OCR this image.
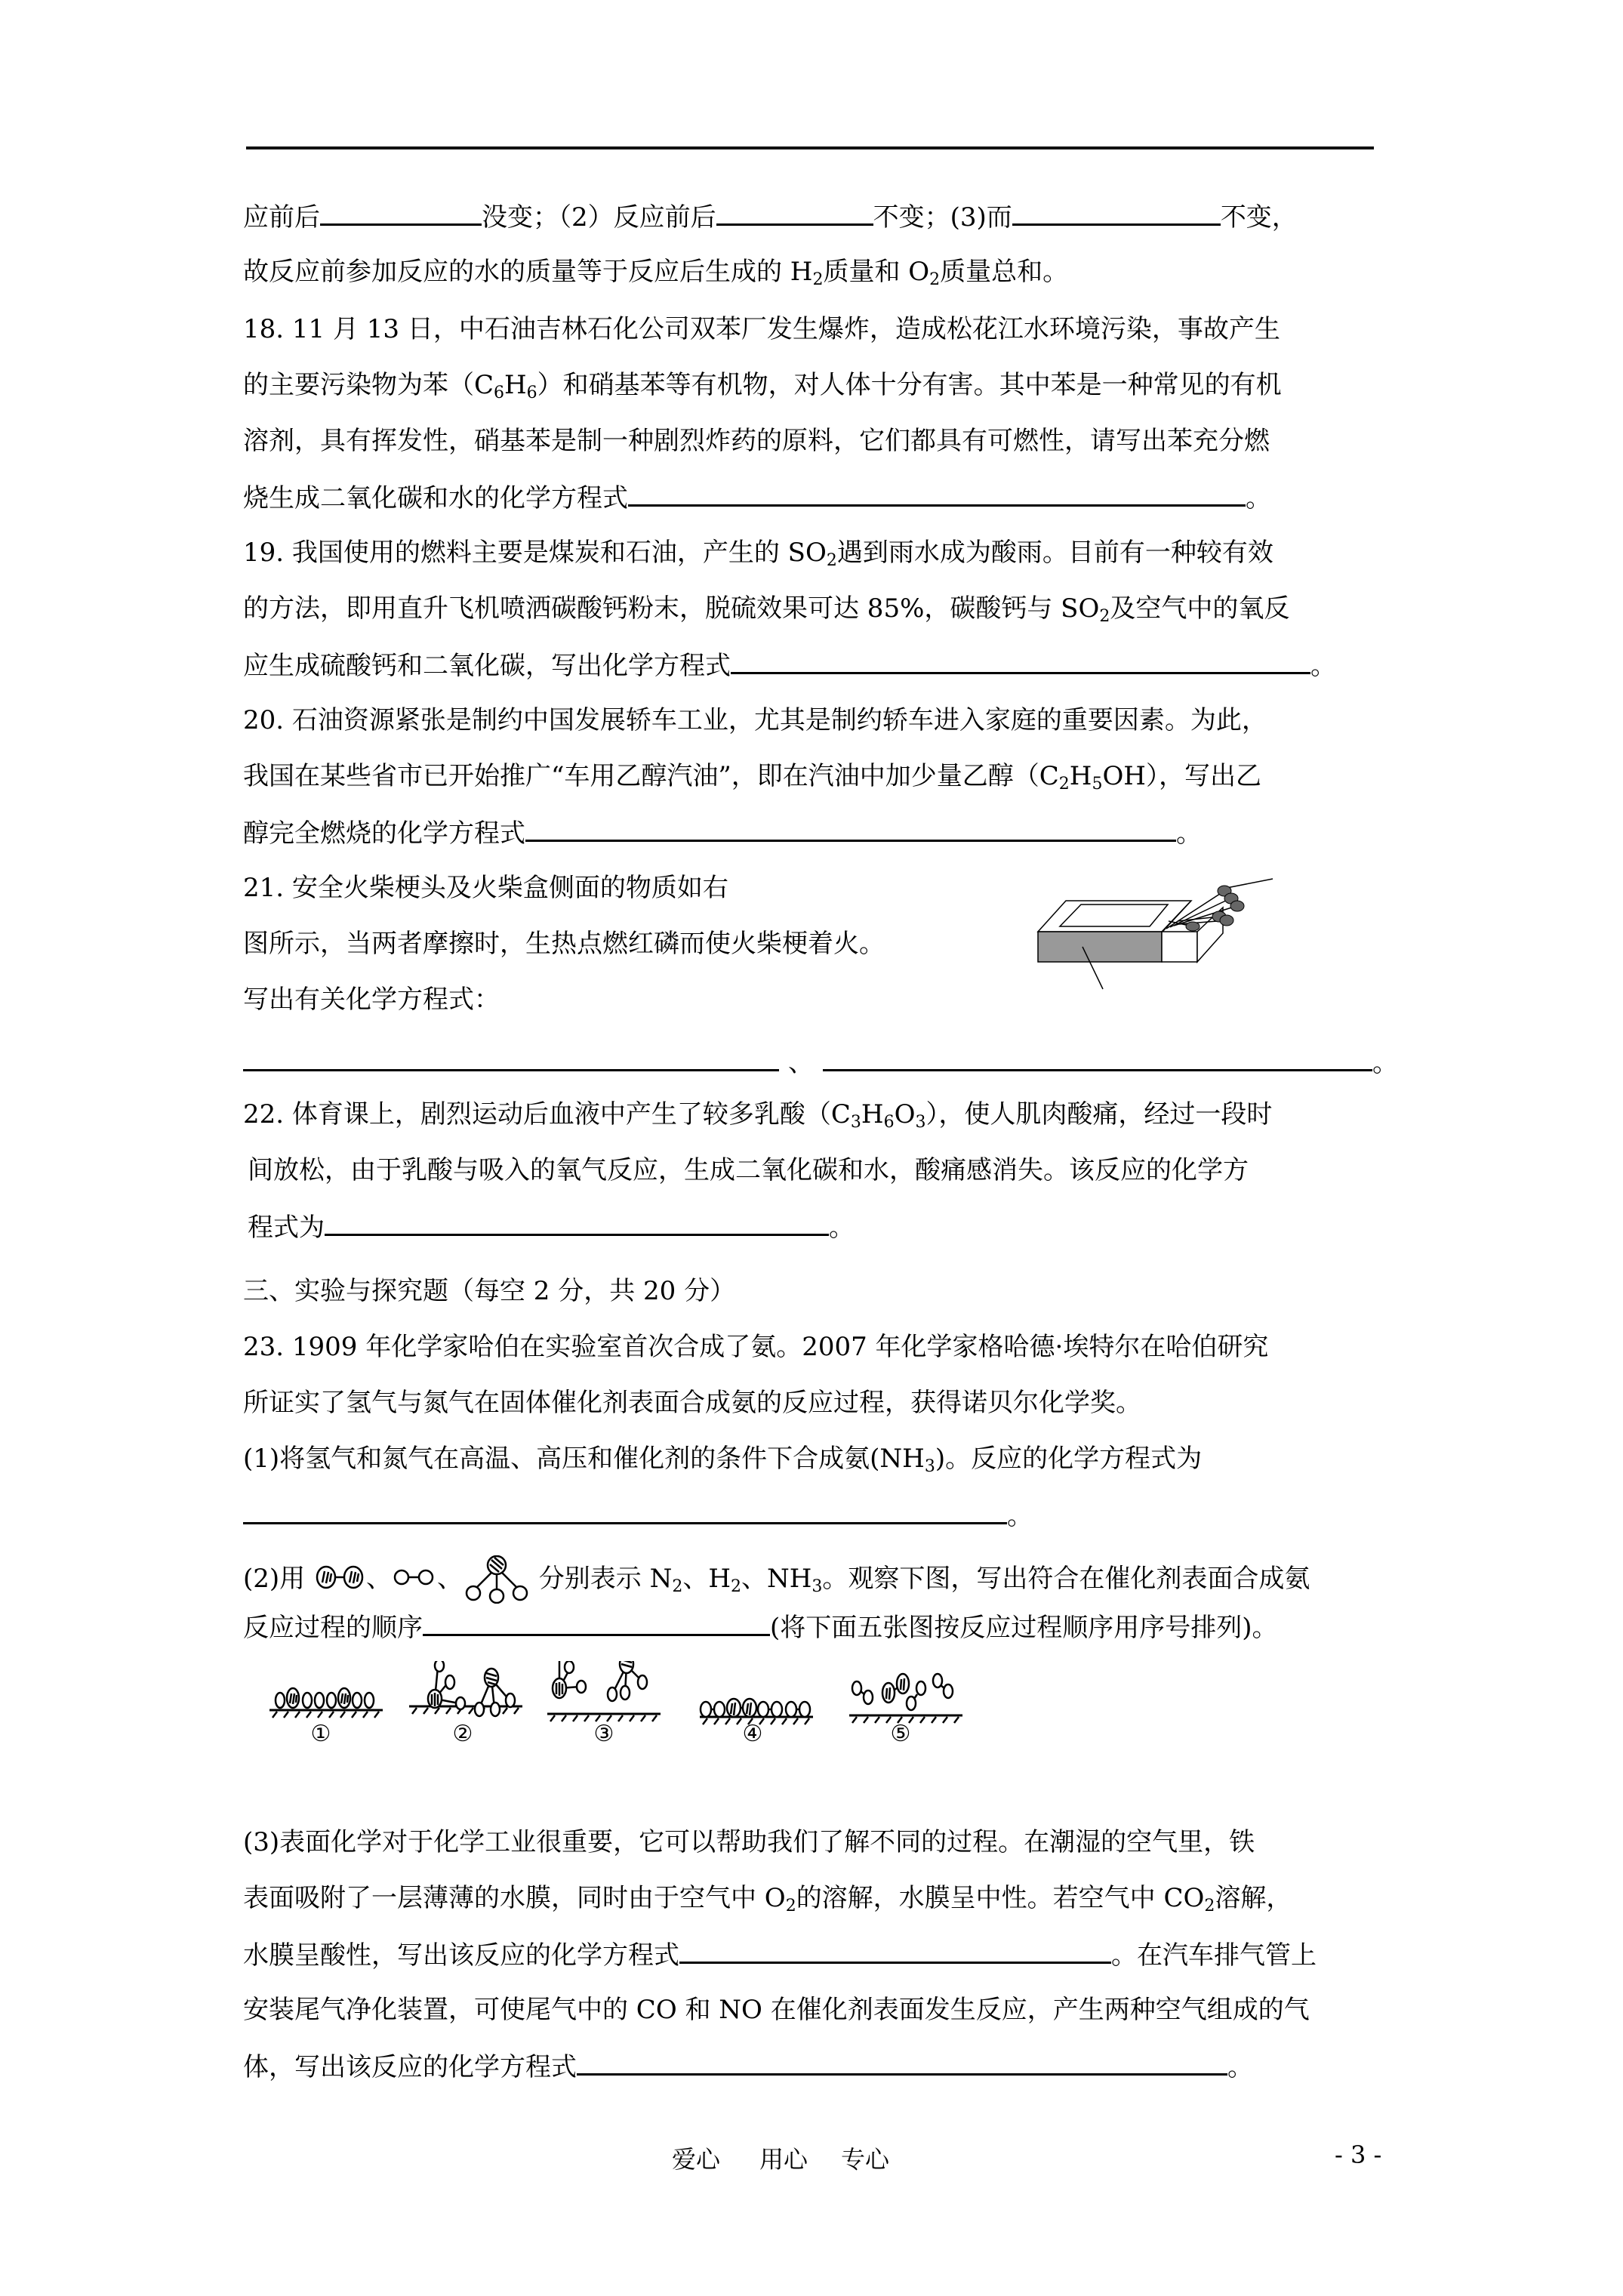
应前后	没变；（2）反应前后	不变；(3)而	不变，
故反应前参加反应的水的质量等于反应后生成的 $H_2$质量和 $O_2$质量总和。
18. 11 月 13 日，中石油吉林石化公司双苯厂发生爆炸，造成松花江水环境污染，事故产生
的主要污染物为苯$(C_6H_6)$和硝基苯等有机物，对人体十分有害。其中苯是一种常见的有机
溶剂，具有挥发性，硝基苯是制一种剧烈炸药的原料，它们都具有可燃性，请写出苯充分燃
烧生成二氧化碳和水的化学方程式	。
19. 我国使用的燃料主要是煤炭和石油，产生的 $SO_2$遇到雨水成为酸雨。目前有一种较有效
的方法，即用直升飞机喷洒碳酸钙粉末，脱硫效果可达 85%，碳酸钙与 $SO_2$及空气中的氧反
应生成硫酸钙和二氧化碳，写出化学方程式	。
20. 石油资源紧张是制约中国发展轿车工业，尤其是制约轿车进入家庭的重要因素。为此，
我国在某些省市已开始推广“车用乙醇汽油”，即在汽油中加少量乙醇$(C_2H_5OH)$，写出乙
醇完全燃烧的化学方程式	。
21. 安全火柴梗头及火柴盒侧面的物质如右
图所示，当两者摩擦时，生热点燃红磷而使火柴梗着火。
写出有关化学方程式：
、	。
22. 体育课上，剧烈运动后血液中产生了较多乳酸$(C_3H_6O_3)$，使人肌肉酸痛，经过一段时
间放松，由于乳酸与吸入的氧气反应，生成二氧化碳和水，酸痛感消失。该反应的化学方
程式为	。
三、实验与探究题（每空 2 分，共 20 分）
23. 1909 年化学家哈伯在实验室首次合成了氨。2007 年化学家格哈德·埃特尔在哈伯研究
所证实了氢气与氮气在固体催化剂表面合成氨的反应过程，获得诺贝尔化学奖。
(1)将氢气和氮气在高温、高压和催化剂的条件下合成氨$(NH_3)$。反应的化学方程式为
。
(2)用 、 、	分别表示 $N_2$、$H_2$、$NH_3$。观察下图，写出符合在催化剂表面合成氨
反应过程的顺序	(将下面五张图按反应过程顺序用序号排列)。
①	②	③	④	⑤
(3)表面化学对于化学工业很重要，它可以帮助我们了解不同的过程。在潮湿的空气里，铁
表面吸附了一层薄薄的水膜，同时由于空气中 $O_2$的溶解，水膜呈中性。若空气中 $CO_2$溶解，
水膜呈酸性，写出该反应的化学方程式	。在汽车排气管上
安装尾气净化装置，可使尾气中的 CO 和 NO 在催化剂表面发生反应，产生两种空气组成的气
体，写出该反应的化学方程式	。
爱心 用心 专心	- 3 -
